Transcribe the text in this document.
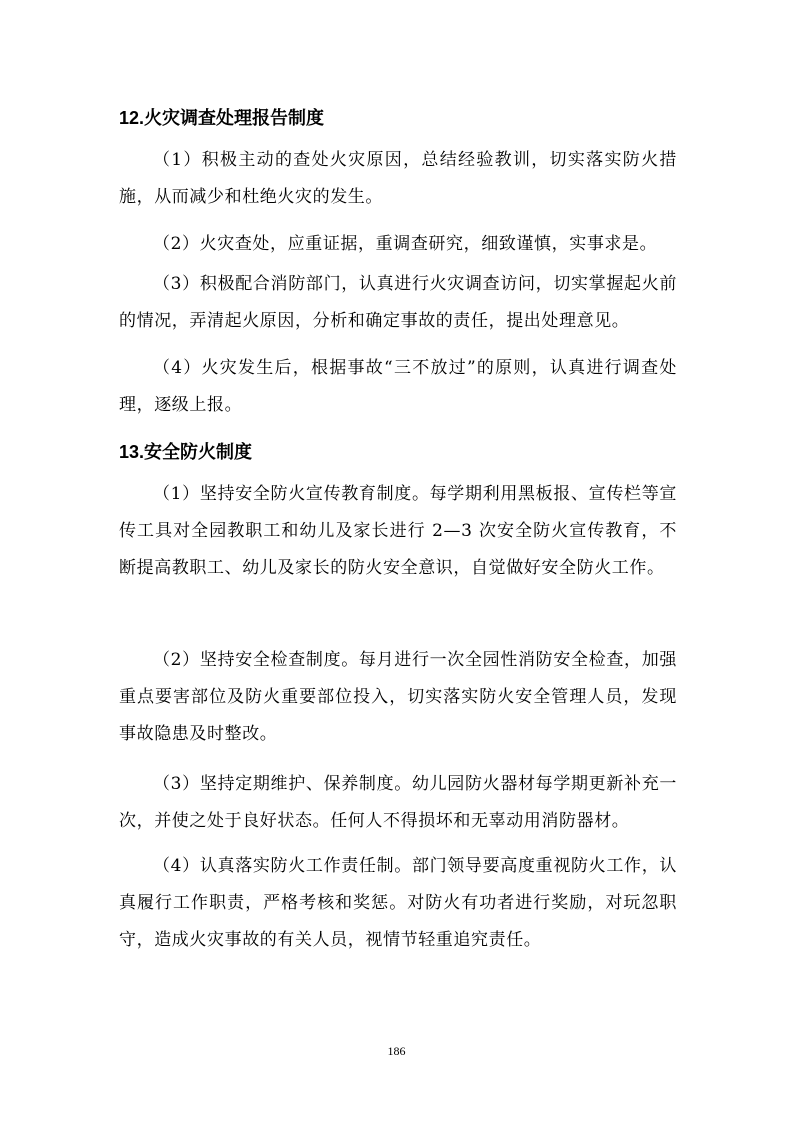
12.火灾调查处理报告制度

（1）积极主动的查处火灾原因，总结经验教训，切实落实防火措施，从而减少和杜绝火灾的发生。

（2）火灾查处，应重证据，重调查研究，细致谨慎，实事求是。

（3）积极配合消防部门，认真进行火灾调查访问，切实掌握起火前的情况，弄清起火原因，分析和确定事故的责任，提出处理意见。

（4）火灾发生后，根据事故“三不放过”的原则，认真进行调查处理，逐级上报。

13.安全防火制度

（1）坚持安全防火宣传教育制度。每学期利用黑板报、宣传栏等宣传工具对全园教职工和幼儿及家长进行 2—3 次安全防火宣传教育，不断提高教职工、幼儿及家长的防火安全意识，自觉做好安全防火工作。

（2）坚持安全检查制度。每月进行一次全园性消防安全检查，加强重点要害部位及防火重要部位投入，切实落实防火安全管理人员，发现事故隐患及时整改。

（3）坚持定期维护、保养制度。幼儿园防火器材每学期更新补充一次，并使之处于良好状态。任何人不得损坏和无辜动用消防器材。

（4）认真落实防火工作责任制。部门领导要高度重视防火工作，认真履行工作职责，严格考核和奖惩。对防火有功者进行奖励，对玩忽职守，造成火灾事故的有关人员，视情节轻重追究责任。

186
